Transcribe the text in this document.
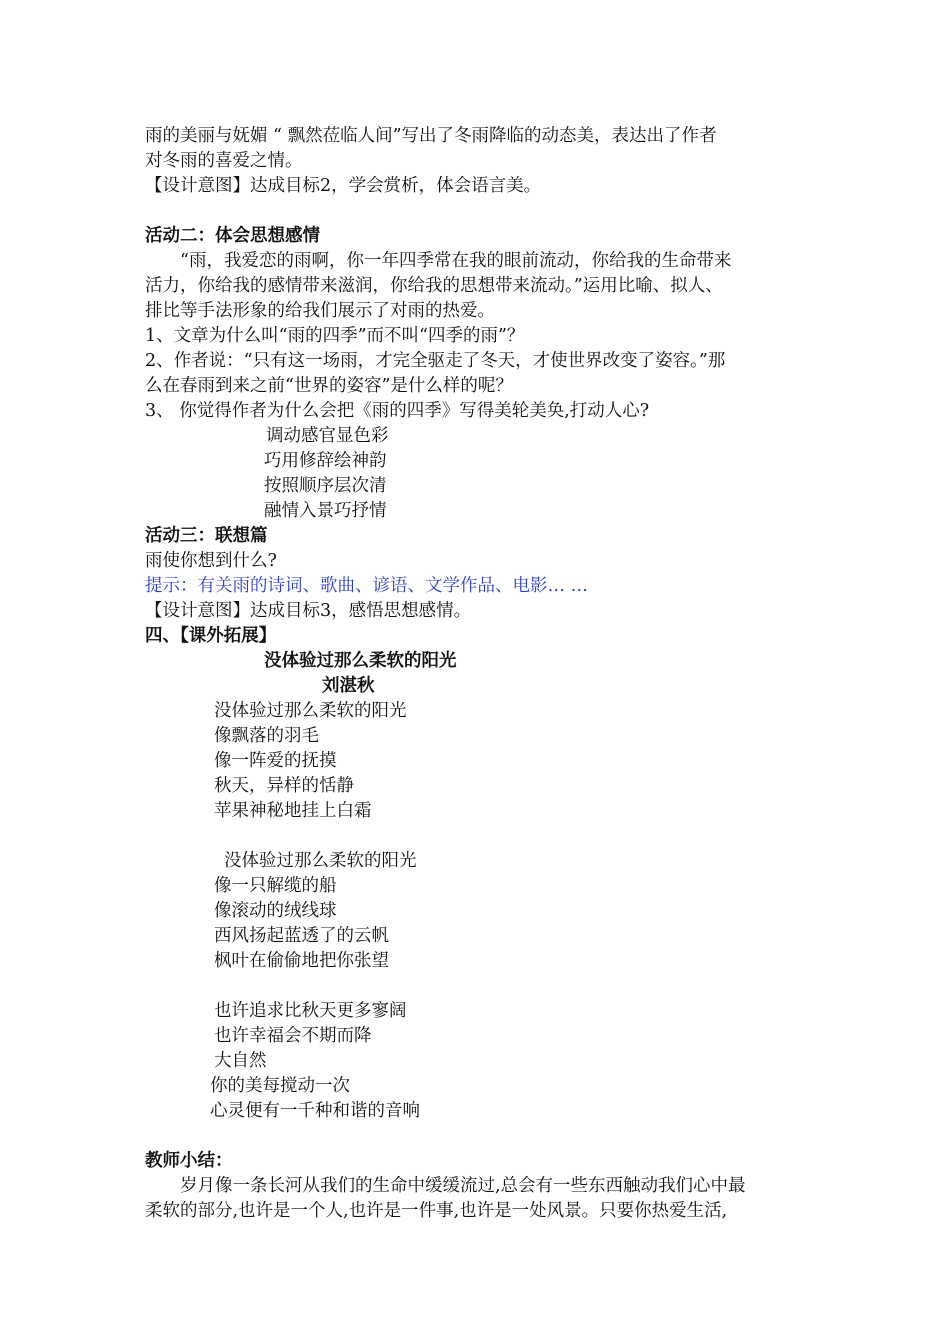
雨的美丽与妩媚 “ 飘然莅临人间”写出了冬雨降临的动态美，表达出了作者
对冬雨的喜爱之情。
【设计意图】达成目标2，学会赏析，体会语言美。
活动二：体会思想感情
“雨，我爱恋的雨啊，你一年四季常在我的眼前流动，你给我的生命带来
活力，你给我的感情带来滋润，你给我的思想带来流动。”运用比喻、拟人、
排比等手法形象的给我们展示了对雨的热爱。
1、文章为什么叫“雨的四季”而不叫“四季的雨”？
2、作者说：“只有这一场雨，才完全驱走了冬天，才使世界改变了姿容。”那
么在春雨到来之前“世界的姿容”是什么样的呢？
3、 你觉得作者为什么会把《雨的四季》写得美轮美奂,打动人心?
调动感官显色彩
巧用修辞绘神韵
按照顺序层次清
融情入景巧抒情
活动三：联想篇
雨使你想到什么?
提示：有关雨的诗词、歌曲、谚语、文学作品、电影… …
【设计意图】达成目标3，感悟思想感情。
四、【课外拓展】
没体验过那么柔软的阳光
刘湛秋
没体验过那么柔软的阳光
像飘落的羽毛
像一阵爱的抚摸
秋天，异样的恬静
苹果神秘地挂上白霜
没体验过那么柔软的阳光
像一只解缆的船
像滚动的绒线球
西风扬起蓝透了的云帆
枫叶在偷偷地把你张望
也许追求比秋天更多寥阔
也许幸福会不期而降
大自然
你的美每搅动一次
心灵便有一千种和谐的音响
教师小结：
岁月像一条长河从我们的生命中缓缓流过,总会有一些东西触动我们心中最
柔软的部分,也许是一个人,也许是一件事,也许是一处风景。只要你热爱生活,
